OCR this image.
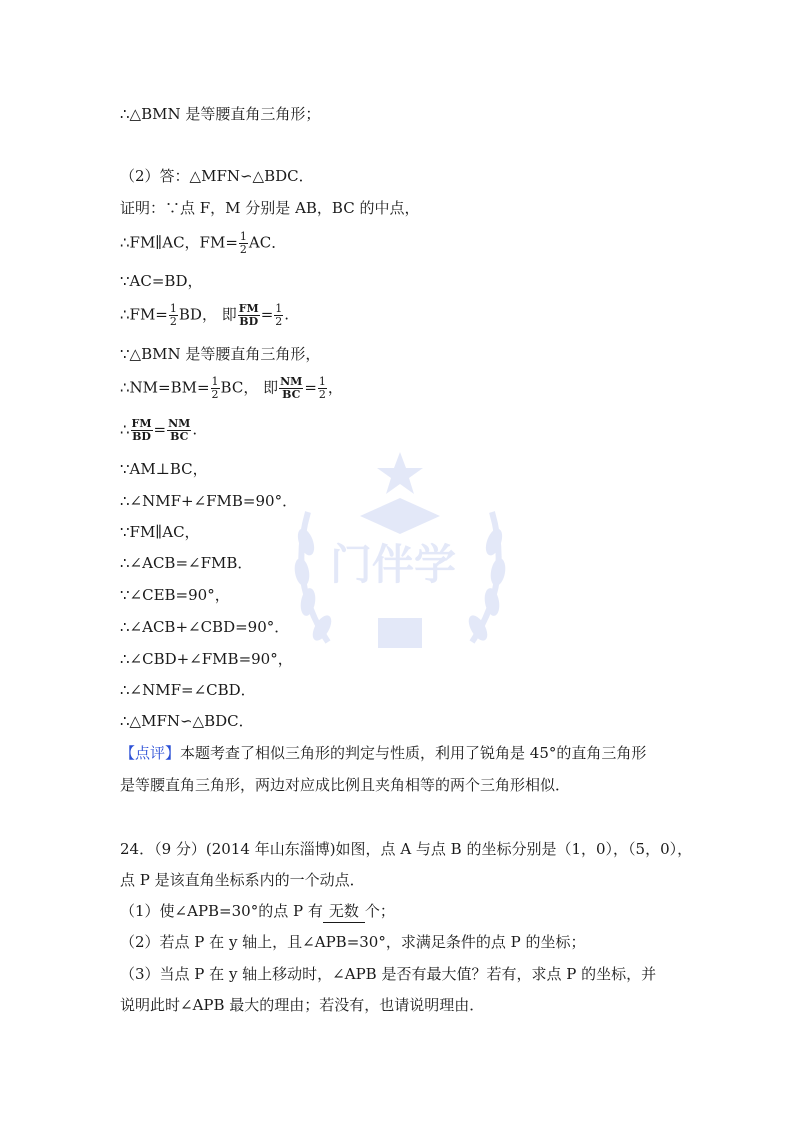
门伴学
∴△BMN 是等腰直角三角形；
（2）答：△MFN∽△BDC．
证明：∵点 F，M 分别是 AB，BC 的中点，
∴FM∥AC，$FM= \frac{1}{2}$ AC．
∵AC=BD，
∴FM= $\frac{1}{2}$ BD， 即 $\frac{FM}{BD} = \frac{1}{2}$ .
∵△BMN 是等腰直角三角形，
∴NM=BM= $\frac{1}{2}$ BC， 即 $\frac{NM}{BC} = \frac{1}{2}$ ，
∴ $\frac{FM}{BD} = \frac{NM}{BC}$ .
∵AM⊥BC，
∴∠NMF+∠FMB=90°．
∵FM∥AC，
∴∠ACB=∠FMB．
∵∠CEB=90°，
∴∠ACB+∠CBD=90°．
∴∠CBD+∠FMB=90°，
∴∠NMF=∠CBD．
∴△MFN∽△BDC．
【点评】本题考查了相似三角形的判定与性质，利用了锐角是 45°的直角三角形
是等腰直角三角形，两边对应成比例且夹角相等的两个三角形相似．
24．（9 分）(2014 年山东淄博)如图，点 A 与点 B 的坐标分别是（1，0），（5，0），
点 P 是该直角坐标系内的一个动点．
（1）使∠APB=30°的点 P 有 无数 个；
（2）若点 P 在 y 轴上，且∠APB=30°，求满足条件的点 P 的坐标；
（3）当点 P 在 y 轴上移动时，∠APB 是否有最大值？若有，求点 P 的坐标，并
说明此时∠APB 最大的理由；若没有，也请说明理由．
